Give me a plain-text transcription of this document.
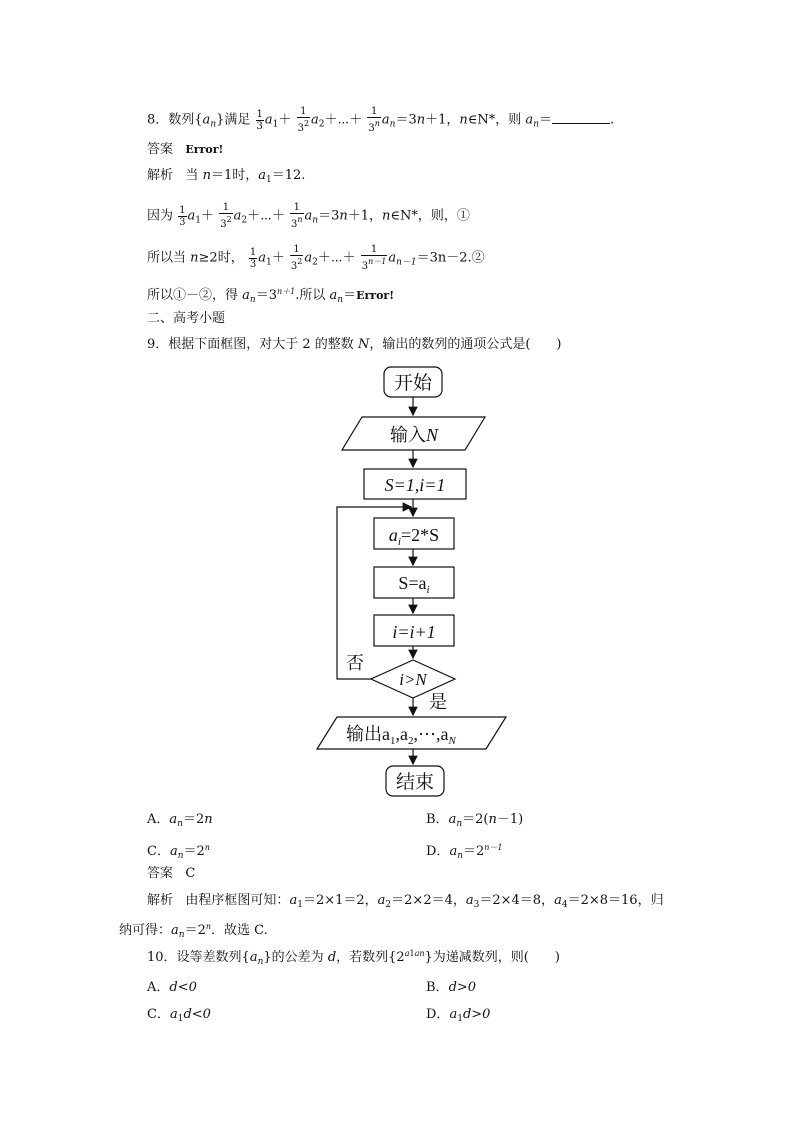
8．数列$\{a_n\}$满足 $\frac{1}{3} a_1+ \frac{1}{3^2}$ $a_2+\cdots+ \frac{1}{3^n} a_n=3n+1$，n∈N*，则 $a_n=$	.
答案 Error!
解析 当 n＝1时，$a_1=12$.
因为 $\frac{1}{3} a_1+ \frac{1}{3^2}$ $a_2+\cdots+ \frac{1}{3^n} a_n=3n+1$，n∈N*，则，①
所以当 n≥2时， $\frac{1}{3} a_1+ \frac{1}{3^2}$ $a_2+\cdots+ \frac{1}{3^{n-1}}$ $a_{n-1}=3n-2.②$
所以①－②，得 $a_n=3^{n+1}$.所以 $a_n=Error$!
二、高考小题
9．根据下面框图，对大于 2 的整数 N，输出的数列的通项公式是(　　)
开始
输入N
S=1,i=1
$a_i=2*S$
$S=a_i$
i=i+1
i>N
否
是
输出$a_1,a_2,\cdots,a_N$
结束
A．$a_n=2n$	B．$a_n=2(n-1)$
C．$a_n=2^n$	D．$a_n=2^{n-1}$
答案 C
解析 由程序框图可知：$a_1=2\times 1=2$，$a_2=2\times 2=4$，$a_3=2\times 4=8$，$a_4=2\times 8=16$，归
纳可得：$a_n=2^n$．故选 C.
10．设等差数列$\{a_n\}$的公差为 d，若数列$\{2^{a1an}\}$为递减数列，则(　　)
A．d<0	B．d>0
C．$a_1d<0$	D．$a_1d>0$
